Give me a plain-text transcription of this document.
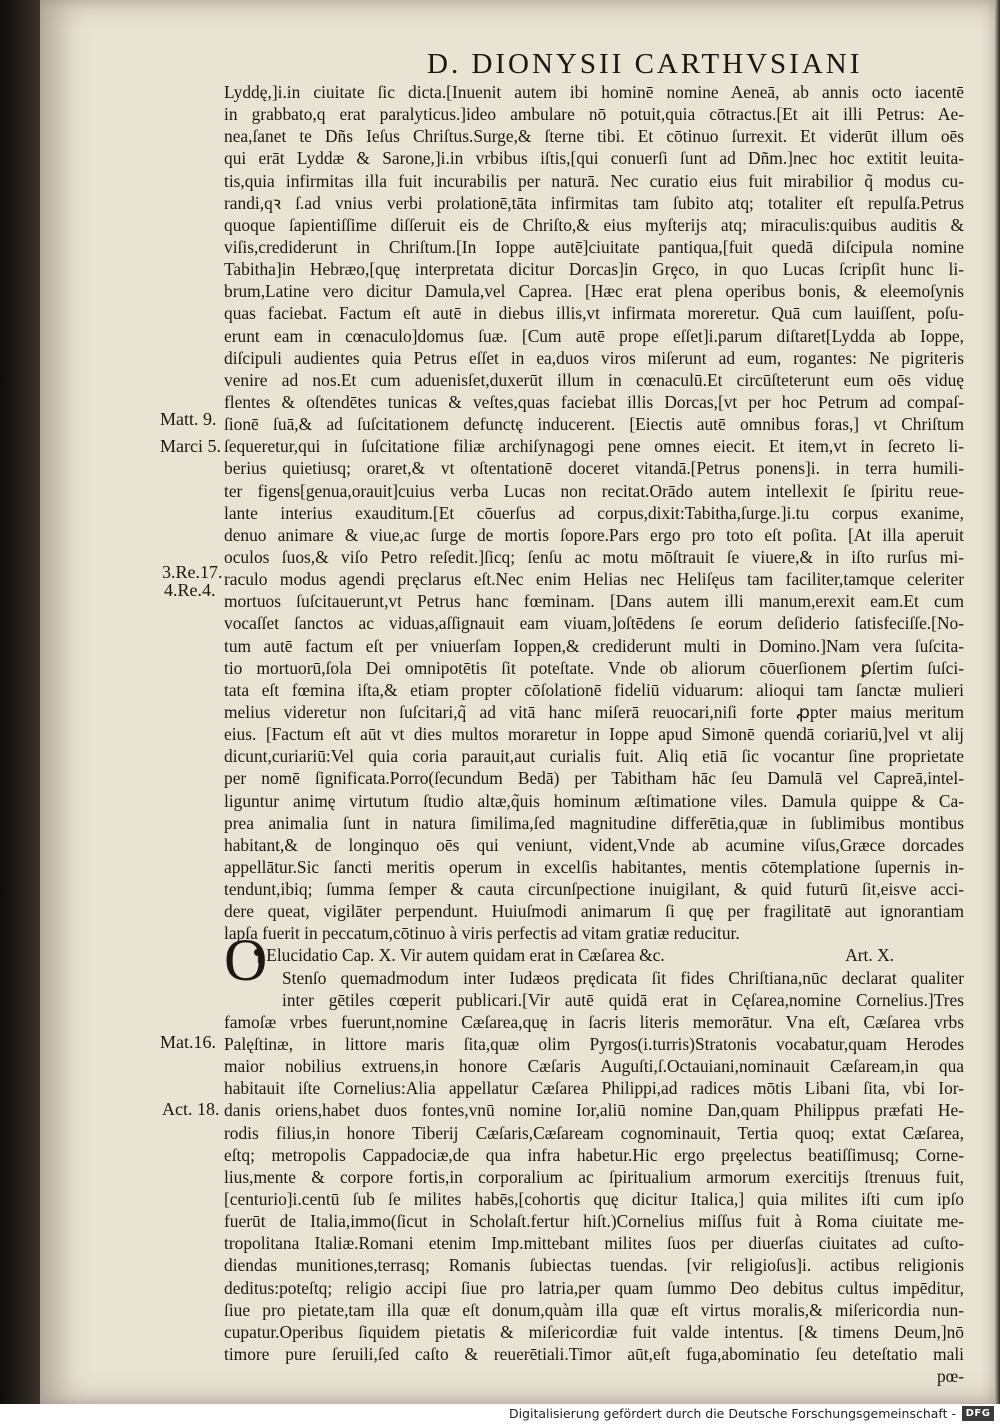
D. DIONYSII CARTHVSIANI
Matt. 9.
Marci 5.
3.Re.17.
4.Re.4.
Mat.16.
Act. 18.
Lyddę,]i.in ciuitate ſic dicta.[Inuenit autem ibi hominē nomine Aeneā, ab annis octo iacentē
in grabbato,q erat paralyticus.]ideo ambulare nō potuit,quia cōtractus.[Et ait illi Petrus: Ae-
nea,ſanet te Dñs Ieſus Chriſtus.Surge,& ſterne tibi. Et cōtinuo ſurrexit. Et viderūt illum oēs
qui erāt Lyddæ & Sarone,]i.in vrbibus iſtis,[qui conuerſi ſunt ad Dñm.]nec hoc extitit leuita-
tis,quia infirmitas illa fuit incurabilis per naturā. Nec curatio eius fuit mirabilior q̃ modus cu-
randi,qꝛ ſ.ad vnius verbi prolationē,tāta infirmitas tam ſubito atq; totaliter eſt repulſa.Petrus
quoque ſapientiſſime diſſeruit eis de Chriſto,& eius myſterijs atq; miraculis:quibus auditis &
viſis,crediderunt in Chriſtum.[In Ioppe autē]ciuitate pantiqua,[fuit quedā diſcipula nomine
Tabitha]in Hebræo,[quę interpretata dicitur Dorcas]in Grȩco, in quo Lucas ſcripſit hunc li-
brum,Latine vero dicitur Damula,vel Caprea. [Hæc erat plena operibus bonis, & eleemoſynis
quas faciebat. Factum eſt autē in diebus illis,vt infirmata moreretur. Quā cum lauiſſent, poſu-
erunt eam in cœnaculo]domus ſuæ. [Cum autē prope eſſet]i.parum diſtaret[Lydda ab Ioppe,
diſcipuli audientes quia Petrus eſſet in ea,duos viros miſerunt ad eum, rogantes: Ne pigriteris
venire ad nos.Et cum aduenisſet,duxerūt illum in cœnaculū.Et circūſteterunt eum oēs viduę
flentes & oſtendētes tunicas & veſtes,quas faciebat illis Dorcas,[vt per hoc Petrum ad compaſ-
ſionē ſuā,& ad ſuſcitationem defunctę inducerent. [Eiectis autē omnibus foras,] vt Chriſtum
ſequeretur,qui in ſuſcitatione filiæ archiſynagogi pene omnes eiecit. Et item,vt in ſecreto li-
berius quietiusq; oraret,& vt oſtentationē doceret vitandā.[Petrus ponens]i. in terra humili-
ter figens[genua,orauit]cuius verba Lucas non recitat.Orādo autem intellexit ſe ſpiritu reue-
lante interius exauditum.[Et cōuerſus ad corpus,dixit:Tabitha,ſurge.]i.tu corpus exanime,
denuo animare & viue,ac ſurge de mortis ſopore.Pars ergo pro toto eſt poſita. [At illa aperuit
oculos ſuos,& viſo Petro reſedit.]ſicq; ſenſu ac motu mōſtrauit ſe viuere,& in iſto rurſus mi-
raculo modus agendi pręclarus eſt.Nec enim Helias nec Heliſęus tam faciliter,tamque celeriter
mortuos ſuſcitauerunt,vt Petrus hanc fœminam. [Dans autem illi manum,erexit eam.Et cum
vocaſſet ſanctos ac viduas,aſſignauit eam viuam,]oſtēdens ſe eorum deſiderio ſatisfeciſſe.[No-
tum autē factum eſt per vniuerſam Ioppen,& crediderunt multi in Domino.]Nam vera ſuſcita-
tio mortuorū,ſola Dei omnipotētis ſit poteſtate. Vnde ob aliorum cōuerſionem ꝑſertim ſuſci-
tata eſt fœmina iſta,& etiam propter cōſolationē fideliū viduarum: alioqui tam ſanctæ mulieri
melius videretur non ſuſcitari,q̃ ad vitā hanc miſerā reuocari,niſi forte ꝓpter maius meritum
eius. [Factum eſt aūt vt dies multos moraretur in Ioppe apud Simonē quendā coriariū,]vel vt alij
dicunt,curiariū:Vel quia coria parauit,aut curialis fuit. Aliq etiā ſic vocantur ſine proprietate
per nomē ſignificata.Porro(ſecundum Bedā) per Tabitham hāc ſeu Damulā vel Capreā,intel-
liguntur animę virtutum ſtudio altæ,q̃uis hominum æſtimatione viles. Damula quippe & Ca-
prea animalia ſunt in natura ſimilima,ſed magnitudine differētia,quæ in ſublimibus montibus
habitant,& de longinquo oēs qui veniunt, vident,Vnde ab acumine viſus,Græce dorcades
appellātur.Sic ſancti meritis operum in excelſis habitantes, mentis cōtemplatione ſupernis in-
tendunt,ibiq; ſumma ſemper & cauta circunſpectione inuigilant, & quid futurū ſit,eisve acci-
dere queat, vigilāter perpendunt. Huiuſmodi animarum ſi quę per fragilitatē aut ignorantiam
lapſa fuerit in peccatum,cōtinuo à viris perfectis ad vitam gratiæ reducitur.
¶ Elucidatio Cap. X. Vir autem quidam erat in Cæſarea &c.	Art. X.
Stenſo quemadmodum inter Iudæos prędicata ſit fides Chriſtiana,nūc declarat qualiter
inter gētiles cœperit publicari.[Vir autē quidā erat in Cęſarea,nomine Cornelius.]Tres
famoſæ vrbes fuerunt,nomine Cæſarea,quę in ſacris literis memorātur. Vna eſt, Cæſarea vrbs
Palęſtinæ, in littore maris ſita,quæ olim Pyrgos(i.turris)Stratonis vocabatur,quam Herodes
maior nobilius extruens,in honore Cæſaris Auguſti,ſ.Octauiani,nominauit Cæſaream,in qua
habitauit iſte Cornelius:Alia appellatur Cæſarea Philippi,ad radices mōtis Libani ſita, vbi Ior-
danis oriens,habet duos fontes,vnū nomine Ior,aliū nomine Dan,quam Philippus præfati He-
rodis filius,in honore Tiberij Cæſaris,Cæſaream cognominauit, Tertia quoq; extat Cæſarea,
eſtq; metropolis Cappadociæ,de qua infra habetur.Hic ergo prȩelectus beatiſſimusq; Corne-
lius,mente & corpore fortis,in corporalium ac ſpiritualium armorum exercitijs ſtrenuus fuit,
[centurio]i.centū ſub ſe milites habēs,[cohortis quę dicitur Italica,] quia milites iſti cum ipſo
fuerūt de Italia,immo(ſicut in Scholaſt.fertur hiſt.)Cornelius miſſus fuit à Roma ciuitate me-
tropolitana Italiæ.Romani etenim Imp.mittebant milites ſuos per diuerſas ciuitates ad cuſto-
diendas munitiones,terrasq; Romanis ſubiectas tuendas. [vir religioſus]i. actibus religionis
deditus:poteſtq; religio accipi ſiue pro latria,per quam ſummo Deo debitus cultus impēditur,
ſiue pro pietate,tam illa quæ eſt donum,quàm illa quæ eſt virtus moralis,& miſericordia nun-
cupatur.Operibus ſiquidem pietatis & miſericordiæ fuit valde intentus. [& timens Deum,]nō
timore pure ſeruili,ſed caſto & reuerētiali.Timor aūt,eſt fuga,abominatio ſeu deteſtatio mali
pœ-
O
Digitalisierung gefördert durch die Deutsche Forschungsgemeinschaft - DFG
